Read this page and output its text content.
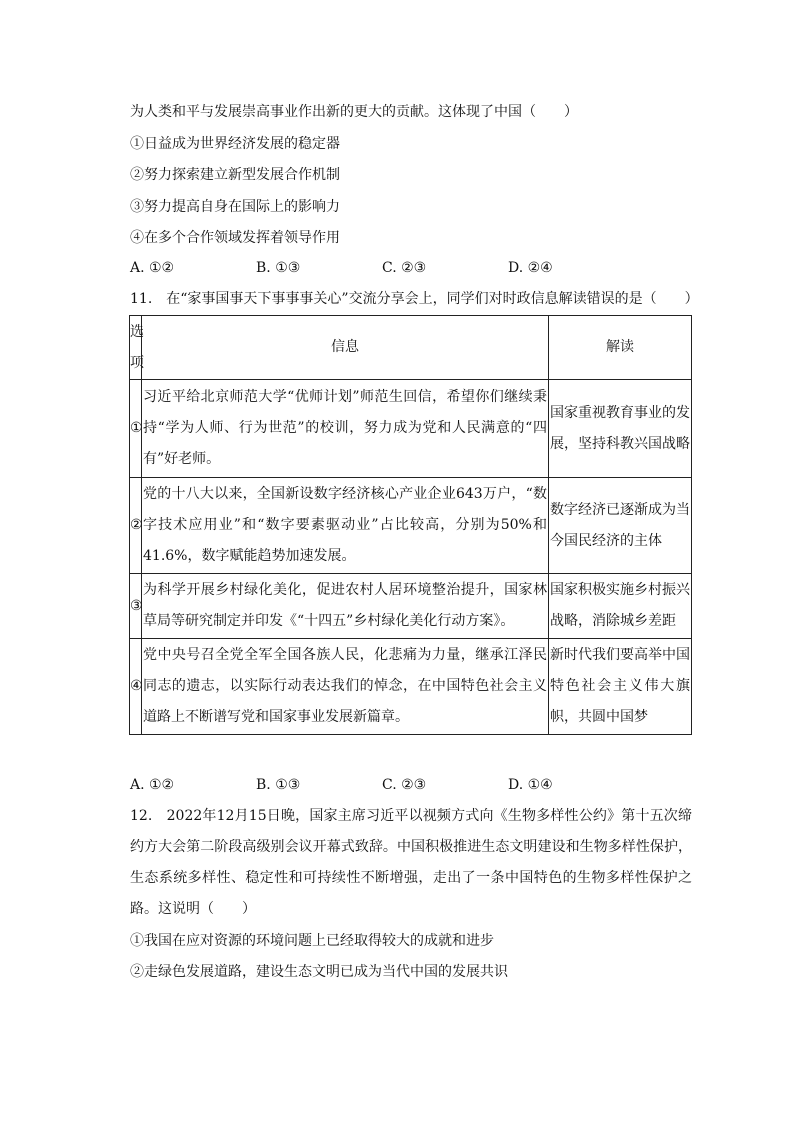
为人类和平与发展崇高事业作出新的更大的贡献。这体现了中国（　　）
①日益成为世界经济发展的稳定器
②努力探索建立新型发展合作机制
③努力提高自身在国际上的影响力
④在多个合作领域发挥着领导作用
A. ①②	B. ①③	C. ②③	D. ②④
11.　在“家事国事天下事事事关心”交流分享会上，同学们对时政信息解读错误的是（　　）
选项	信息	解读
①	习近平给北京师范大学“优师计划”师范生回信，希望你们继续秉持“学为人师、行为世范”的校训，努力成为党和人民满意的“四有”好老师。	国家重视教育事业的发展，坚持科教兴国战略
②	党的十八大以来，全国新设数字经济核心产业企业643万户，“数字技术应用业”和“数字要素驱动业”占比较高，分别为50%和41.6%，数字赋能趋势加速发展。	数字经济已逐渐成为当今国民经济的主体
③	为科学开展乡村绿化美化，促进农村人居环境整治提升，国家林草局等研究制定并印发《“十四五”乡村绿化美化行动方案》。	国家积极实施乡村振兴战略，消除城乡差距
④	党中央号召全党全军全国各族人民，化悲痛为力量，继承江泽民同志的遗志，以实际行动表达我们的悼念，在中国特色社会主义道路上不断谱写党和国家事业发展新篇章。	新时代我们要高举中国特色社会主义伟大旗帜，共圆中国梦
A. ①②	B. ①③	C. ②③	D. ①④
12.　2022年12月15日晚，国家主席习近平以视频方式向《生物多样性公约》第十五次缔约方大会第二阶段高级别会议开幕式致辞。中国积极推进生态文明建设和生物多样性保护，生态系统多样性、稳定性和可持续性不断增强，走出了一条中国特色的生物多样性保护之路。这说明（　　）
①我国在应对资源的环境问题上已经取得较大的成就和进步
②走绿色发展道路，建设生态文明已成为当代中国的发展共识
